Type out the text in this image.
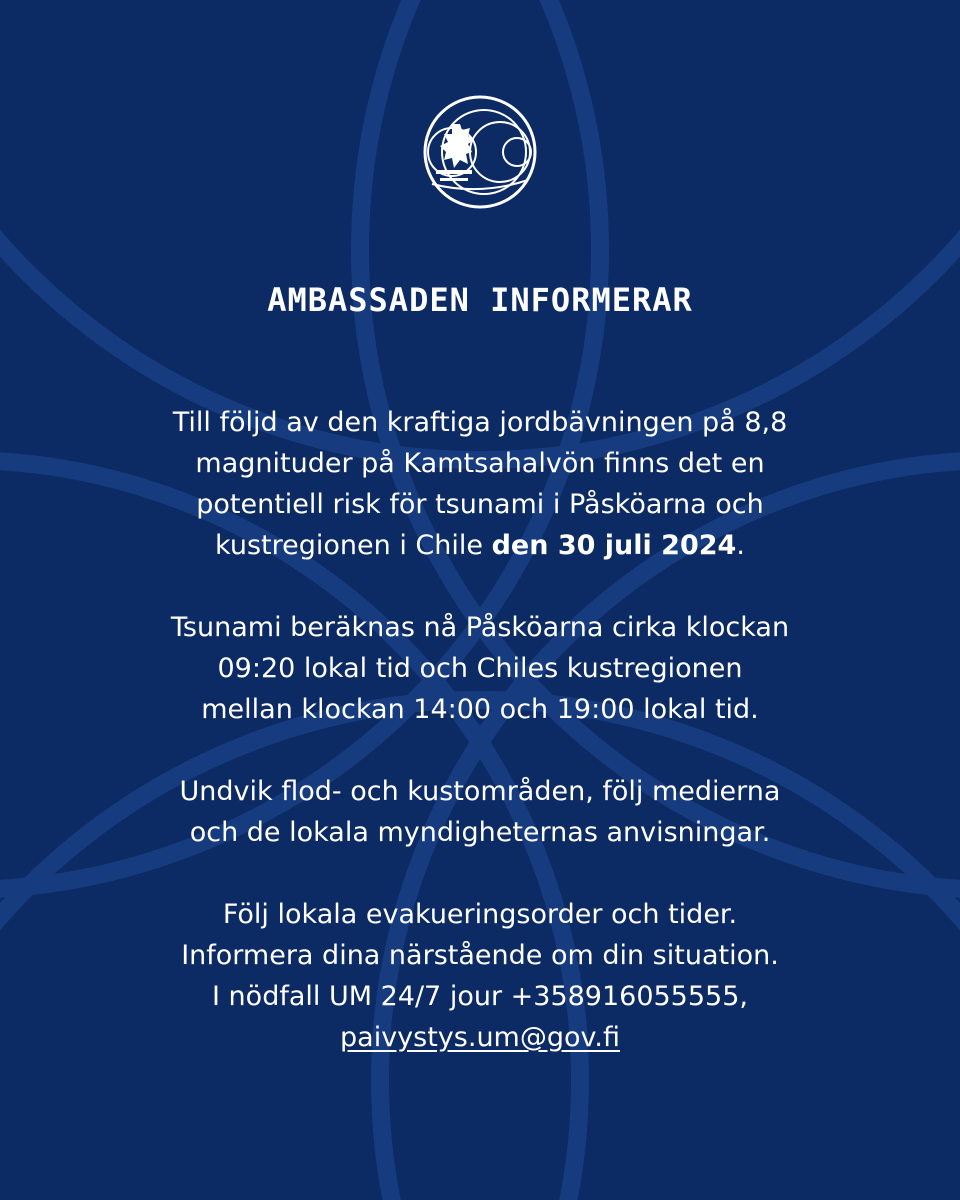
AMBASSADEN INFORMERAR

Till följd av den kraftiga jordbävningen på 8,8
magnituder på Kamtsahalvön finns det en
potentiell risk för tsunami i Påsköarna och
kustregionen i Chile den 30 juli 2024.

Tsunami beräknas nå Påsköarna cirka klockan
09:20 lokal tid och Chiles kustregionen
mellan klockan 14:00 och 19:00 lokal tid.

Undvik flod- och kustområden, följ medierna
och de lokala myndigheternas anvisningar.

Följ lokala evakueringsorder och tider.
Informera dina närstående om din situation.
I nödfall UM 24/7 jour +358916055555,
paivystys.um@gov.fi
